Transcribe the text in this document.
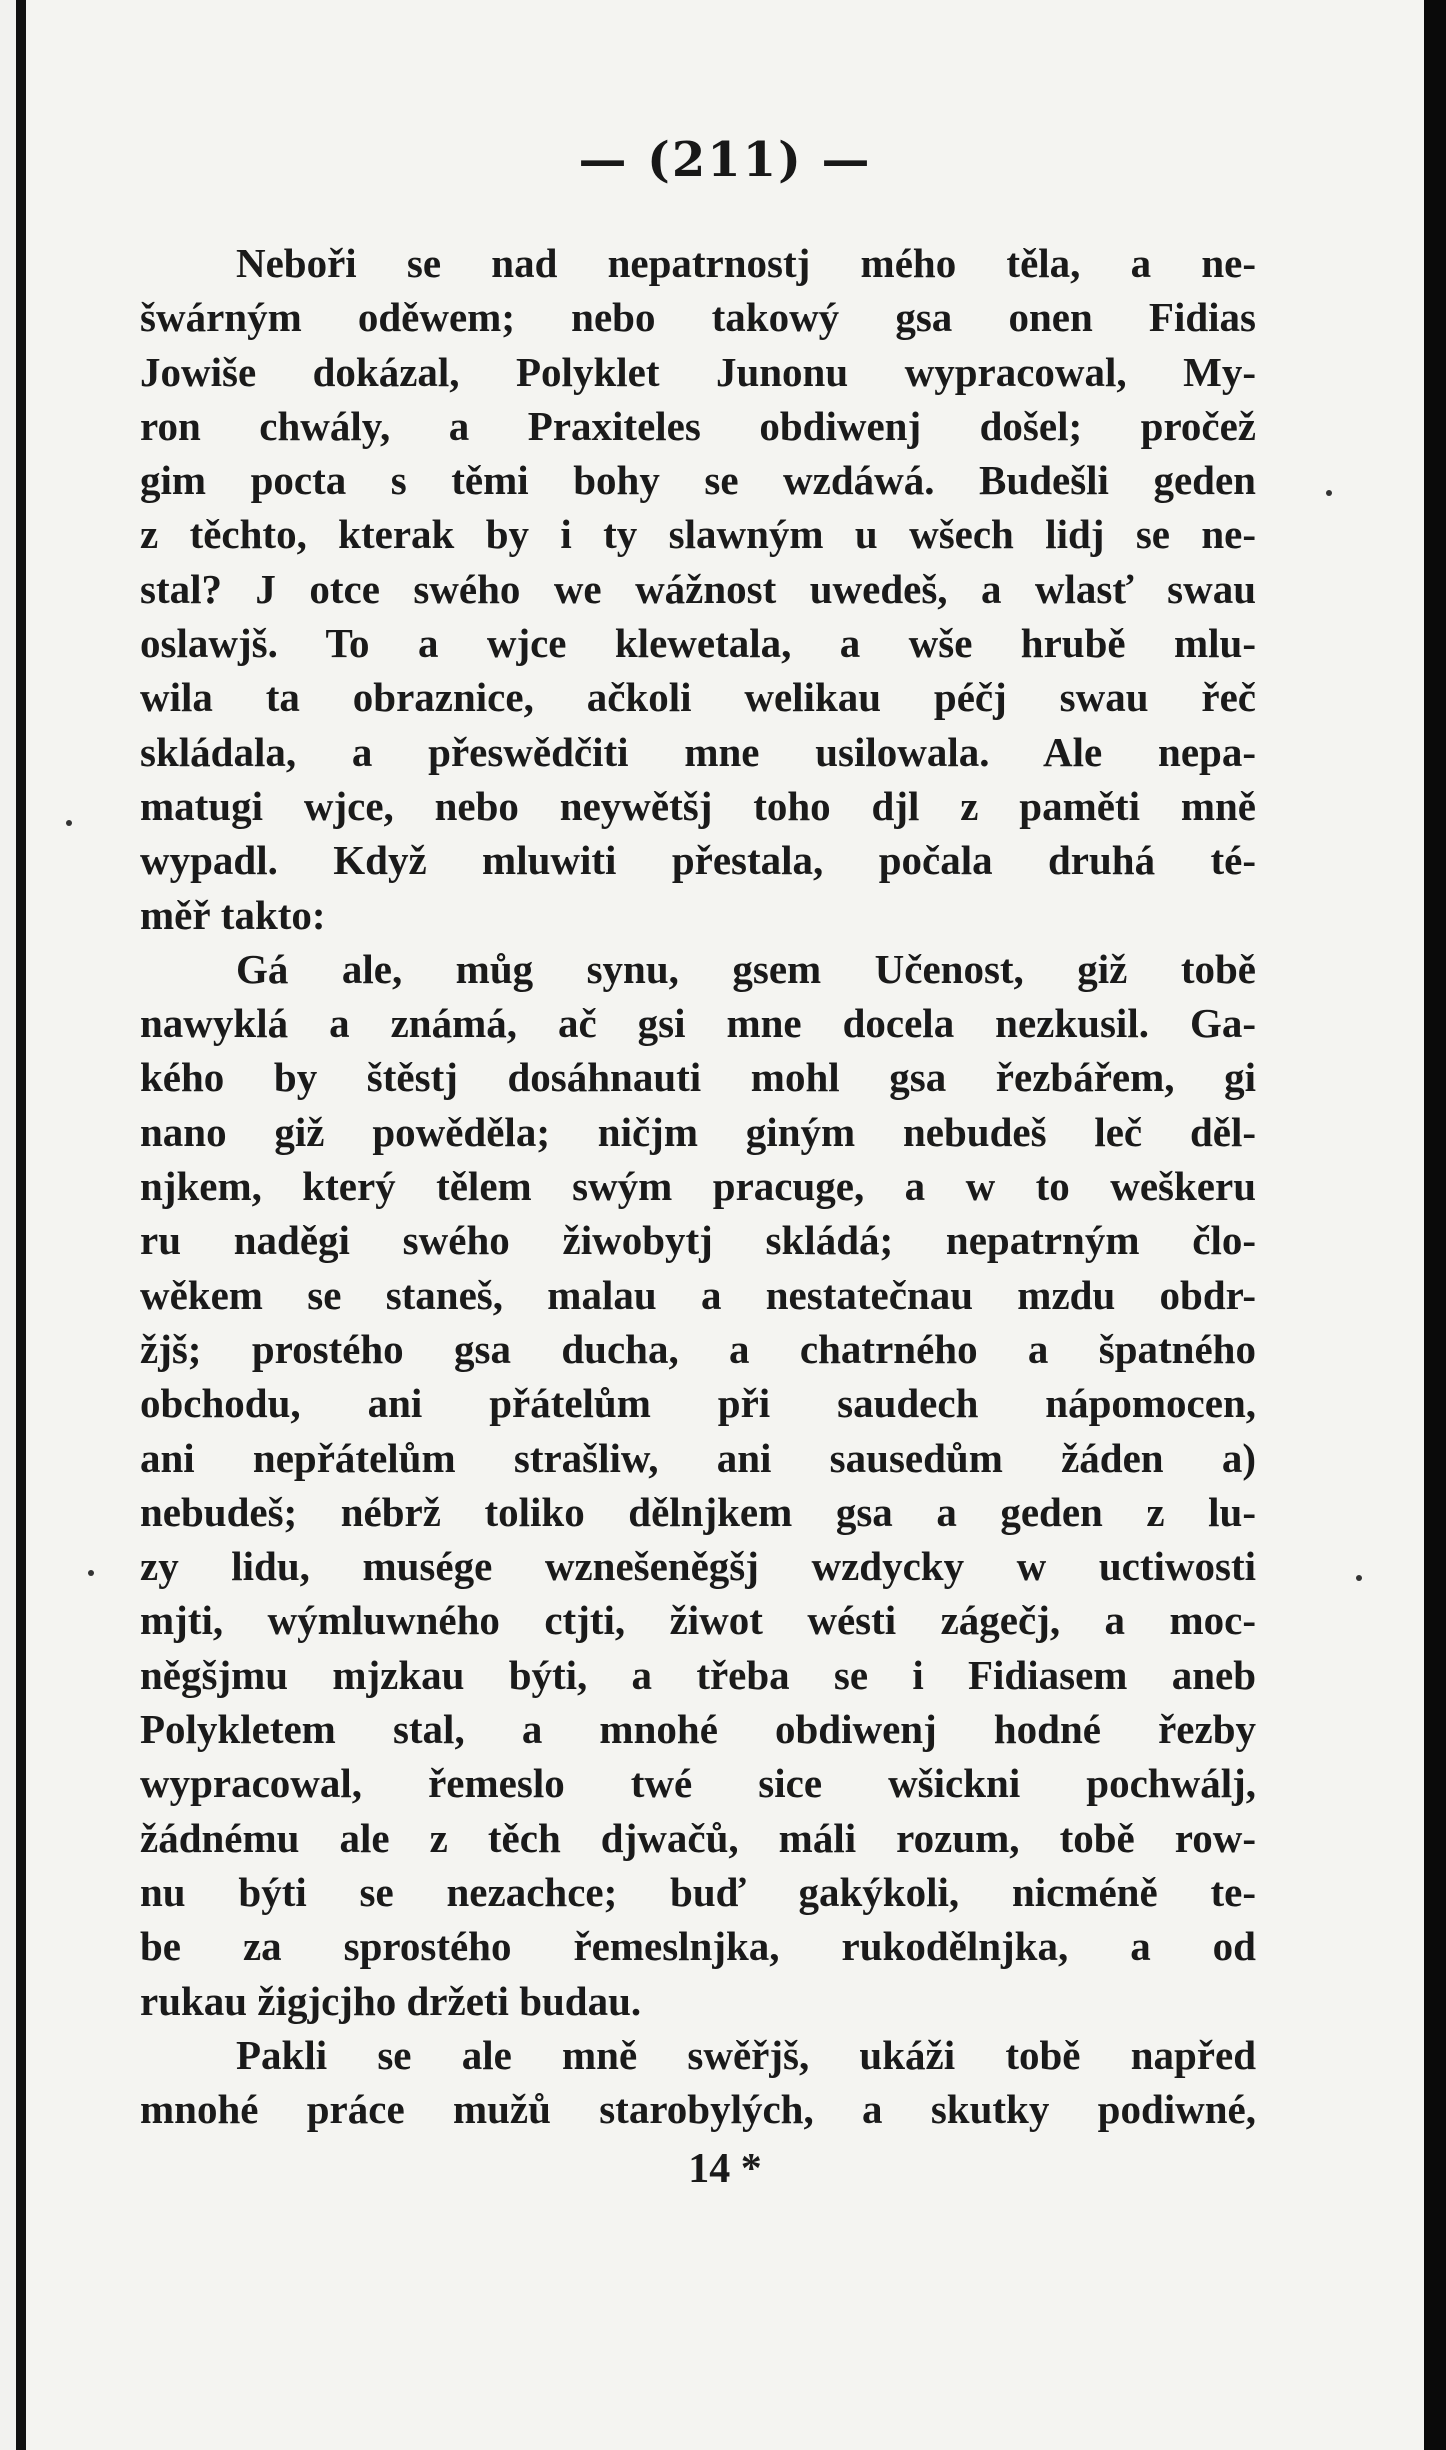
— (211) —
Neboři se nad nepatrnostj mého těla, a ne-
šwárným oděwem; nebo takowý gsa onen Fidias
Jowiše dokázal, Polyklet Junonu wypracowal, My-
ron chwály, a Praxiteles obdiwenj došel; pročež
gim pocta s těmi bohy se wzdáwá. Budešli geden
z těchto, kterak by i ty slawným u wšech lidj se ne-
stal? J otce swého we wážnost uwedeš, a wlasť swau
oslawjš. To a wjce klewetala, a wše hrubě mlu-
wila ta obraznice, ačkoli welikau péčj swau řeč
skládala, a přeswědčiti mne usilowala. Ale nepa-
matugi wjce, nebo neywětšj toho djl z paměti mně
wypadl. Když mluwiti přestala, počala druhá té-
měř takto:
Gá ale, můg synu, gsem Učenost, giž tobě
nawyklá a známá, ač gsi mne docela nezkusil. Ga-
kého by štěstj dosáhnauti mohl gsa řezbářem, gi
nano giž powěděla; ničjm giným nebudeš leč děl-
njkem, který tělem swým pracuge, a w to weškeru
ru naděgi swého žiwobytj skládá; nepatrným člo-
wěkem se staneš, malau a nestatečnau mzdu obdr-
žjš; prostého gsa ducha, a chatrného a špatného
obchodu, ani přátelům při saudech nápomocen,
ani nepřátelům strašliw, ani sausedům žáden a)
nebudeš; nébrž toliko dělnjkem gsa a geden z lu-
zy lidu, musége wznešeněgšj wzdycky w uctiwosti
mjti, wýmluwného ctjti, žiwot wésti zágečj, a moc-
něgšjmu mjzkau býti, a třeba se i Fidiasem aneb
Polykletem stal, a mnohé obdiwenj hodné řezby
wypracowal, řemeslo twé sice wšickni pochwálj,
žádnému ale z těch djwačů, máli rozum, tobě row-
nu býti se nezachce; buď gakýkoli, nicméně te-
be za sprostého řemeslnjka, rukodělnjka, a od
rukau žigjcjho držeti budau.
Pakli se ale mně swěřjš, ukáži tobě napřed
mnohé práce mužů starobylých, a skutky podiwné,
14 *
